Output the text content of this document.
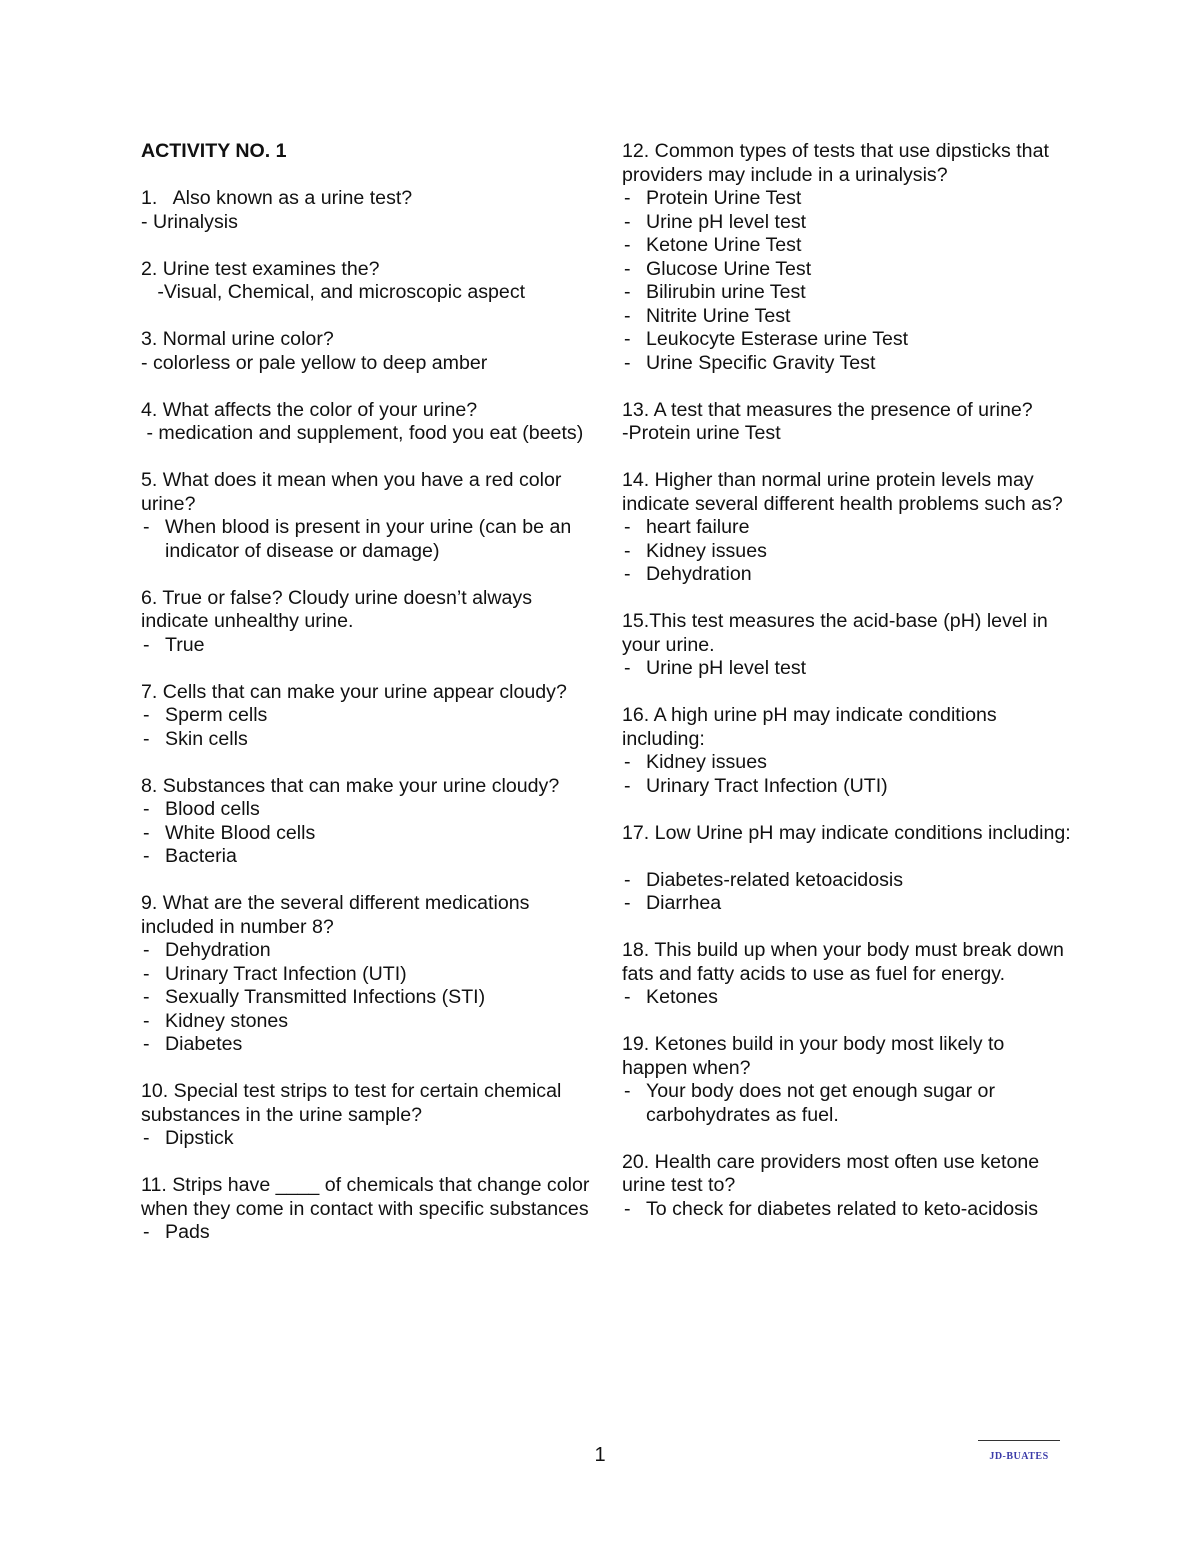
ACTIVITY NO. 1

1.   Also known as a urine test?

- Urinalysis

2. Urine test examines the?

-Visual, Chemical, and microscopic aspect

3. Normal urine color?

- colorless or pale yellow to deep amber

4. What affects the color of your urine?

- medication and supplement, food you eat (beets)

5. What does it mean when you have a red color urine?

- When blood is present in your urine (can be an indicator of disease or damage)

6. True or false? Cloudy urine doesn’t always indicate unhealthy urine.

- True

7. Cells that can make your urine appear cloudy?

- Sperm cells
- Skin cells

8. Substances that can make your urine cloudy?

- Blood cells
- White Blood cells
- Bacteria

9. What are the several different medications included in number 8?

- Dehydration
- Urinary Tract Infection (UTI)
- Sexually Transmitted Infections (STI)
- Kidney stones
- Diabetes

10. Special test strips to test for certain chemical substances in the urine sample?

- Dipstick

11. Strips have ____ of chemicals that change color when they come in contact with specific substances

- Pads

12. Common types of tests that use dipsticks that providers may include in a urinalysis?

- Protein Urine Test
- Urine pH level test
- Ketone Urine Test
- Glucose Urine Test
- Bilirubin urine Test
- Nitrite Urine Test
- Leukocyte Esterase urine Test
- Urine Specific Gravity Test

13. A test that measures the presence of urine?

-Protein urine Test

14. Higher than normal urine protein levels may indicate several different health problems such as?

- heart failure
- Kidney issues
- Dehydration

15.This test measures the acid-base (pH) level in your urine.

- Urine pH level test

16. A high urine pH may indicate conditions including:

- Kidney issues
- Urinary Tract Infection (UTI)

17. Low Urine pH may indicate conditions including:

- Diabetes-related ketoacidosis
- Diarrhea

18. This build up when your body must break down fats and fatty acids to use as fuel for energy.

- Ketones

19. Ketones build in your body most likely to happen when?

- Your body does not get enough sugar or carbohydrates as fuel.

20. Health care providers most often use ketone urine test to?

- To check for diabetes related to keto-acidosis
1	JD-BUATES
